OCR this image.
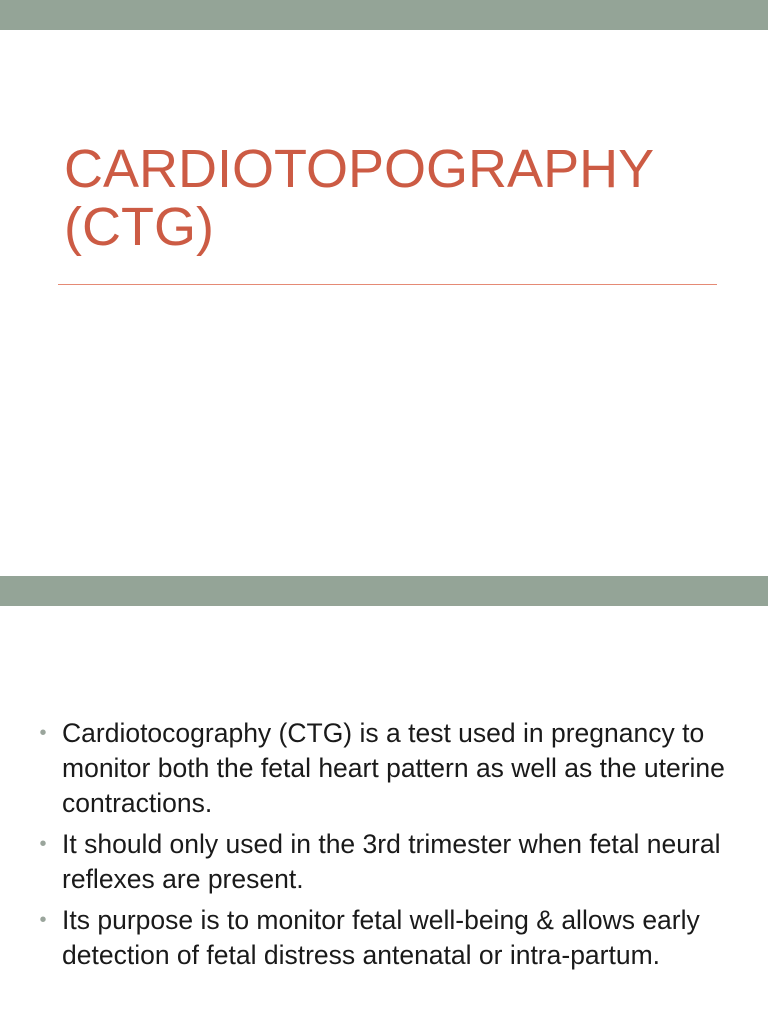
CARDIOTOPOGRAPHY
(CTG)
• Cardiotocography (CTG) is a test used in pregnancy to monitor both the fetal heart pattern as well as the uterine contractions.
• It should only used in the 3rd trimester when fetal neural reflexes are present.
• Its purpose is to monitor fetal well-being & allows early detection of fetal distress antenatal or intra-partum.
